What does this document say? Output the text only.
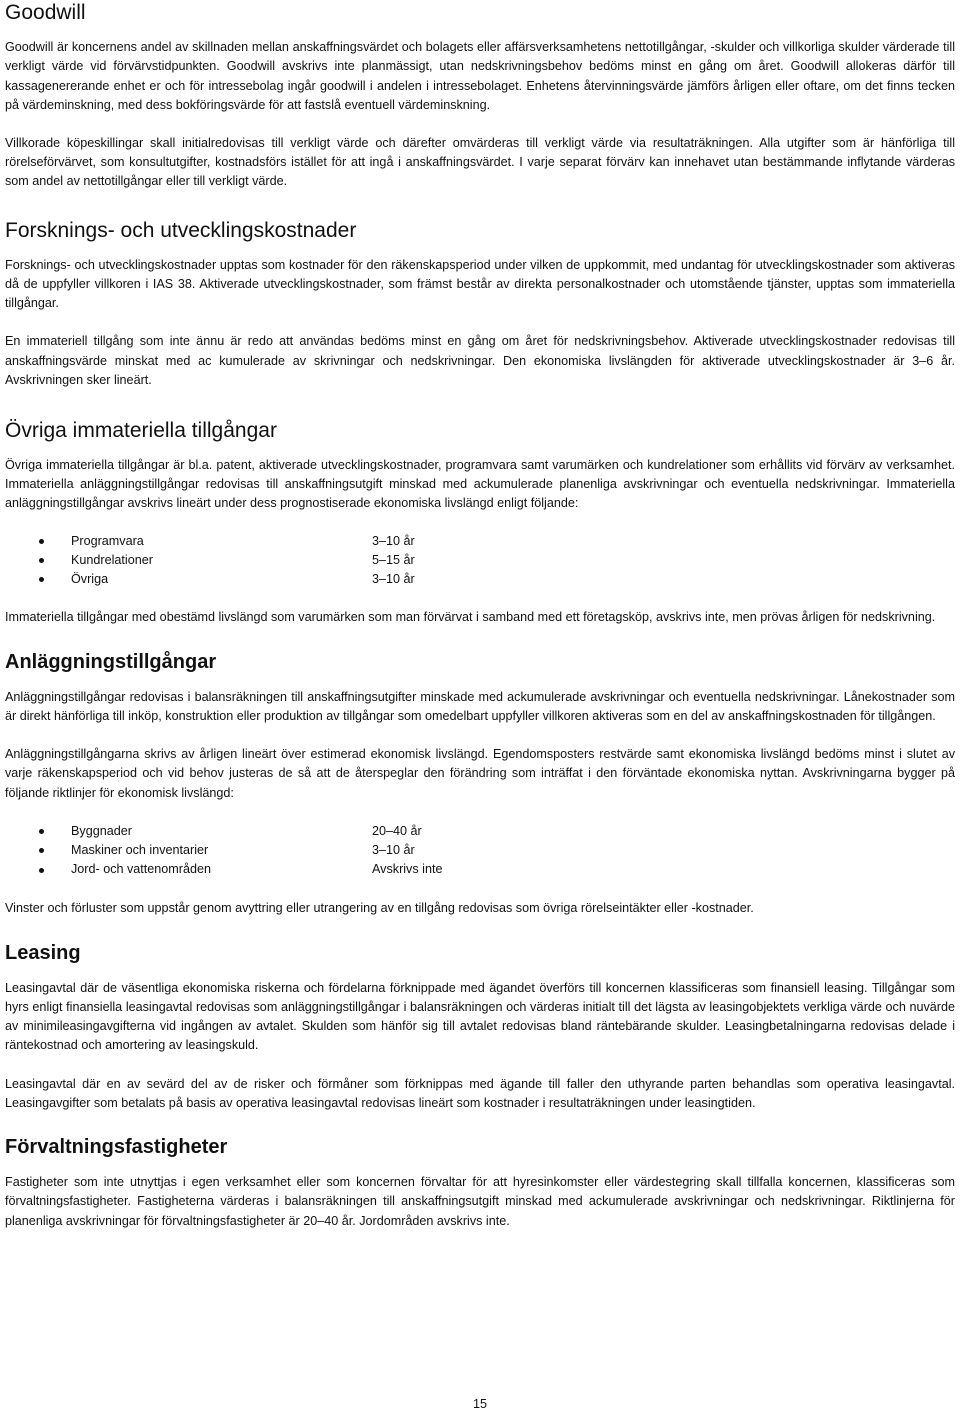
Goodwill

Goodwill är koncernens andel av skillnaden mellan anskaffningsvärdet och bolagets eller affärsverksamhetens nettotillgångar, -skulder och villkorliga skulder värderade till verkligt värde vid förvärvstidpunkten. Goodwill avskrivs inte planmässigt, utan nedskrivningsbehov bedöms minst en gång om året. Goodwill allokeras därför till kassagenererande enhet er och för intressebolag ingår goodwill i andelen i intressebolaget. Enhetens återvinningsvärde jämförs årligen eller oftare, om det finns tecken på värdeminskning, med dess bokföringsvärde för att fastslå eventuell värdeminskning.

Villkorade köpeskillingar skall initialredovisas till verkligt värde och därefter omvärderas till verkligt värde via resultaträkningen. Alla utgifter som är hänförliga till rörelseförvärvet, som konsultutgifter, kostnadsförs istället för att ingå i anskaffningsvärdet. I varje separat förvärv kan innehavet utan bestämmande inflytande värderas som andel av nettotillgångar eller till verkligt värde.

Forsknings- och utvecklingskostnader

Forsknings- och utvecklingskostnader upptas som kostnader för den räkenskapsperiod under vilken de uppkommit, med undantag för utvecklingskostnader som aktiveras då de uppfyller villkoren i IAS 38. Aktiverade utvecklingskostnader, som främst består av direkta personalkostnader och utomstående tjänster, upptas som immateriella tillgångar.

En immateriell tillgång som inte ännu är redo att användas bedöms minst en gång om året för nedskrivningsbehov. Aktiverade utvecklingskostnader redovisas till anskaffningsvärde minskat med ac kumulerade av skrivningar och nedskrivningar. Den ekonomiska livslängden för aktiverade utvecklingskostnader är 3–6 år. Avskrivningen sker lineärt.

Övriga immateriella tillgångar

Övriga immateriella tillgångar är bl.a. patent, aktiverade utvecklingskostnader, programvara samt varumärken och kundrelationer som erhållits vid förvärv av verksamhet. Immateriella anläggningstillgångar redovisas till anskaffningsutgift minskad med ackumulerade planenliga avskrivningar och eventuella nedskrivningar. Immateriella anläggningstillgångar avskrivs lineärt under dess prognostiserade ekonomiska livslängd enligt följande:

Programvara	3–10 år
Kundrelationer	5–15 år
Övriga	3–10 år

Immateriella tillgångar med obestämd livslängd som varumärken som man förvärvat i samband med ett företagsköp, avskrivs inte, men prövas årligen för nedskrivning.

Anläggningstillgångar

Anläggningstillgångar redovisas i balansräkningen till anskaffningsutgifter minskade med ackumulerade avskrivningar och eventuella nedskrivningar. Lånekostnader som är direkt hänförliga till inköp, konstruktion eller produktion av tillgångar som omedelbart uppfyller villkoren aktiveras som en del av anskaffningskostnaden för tillgången.

Anläggningstillgångarna skrivs av årligen lineärt över estimerad ekonomisk livslängd. Egendomsposters restvärde samt ekonomiska livslängd bedöms minst i slutet av varje räkenskapsperiod och vid behov justeras de så att de återspeglar den förändring som inträffat i den förväntade ekonomiska nyttan. Avskrivningarna bygger på följande riktlinjer för ekonomisk livslängd:

Byggnader	20–40 år
Maskiner och inventarier	3–10 år
Jord- och vattenområden	Avskrivs inte

Vinster och förluster som uppstår genom avyttring eller utrangering av en tillgång redovisas som övriga rörelseintäkter eller -kostnader.

Leasing

Leasingavtal där de väsentliga ekonomiska riskerna och fördelarna förknippade med ägandet överförs till koncernen klassificeras som finansiell leasing. Tillgångar som hyrs enligt finansiella leasingavtal redovisas som anläggningstillgångar i balansräkningen och värderas initialt till det lägsta av leasingobjektets verkliga värde och nuvärde av minimileasingavgifterna vid ingången av avtalet. Skulden som hänför sig till avtalet redovisas bland räntebärande skulder. Leasingbetalningarna redovisas delade i räntekostnad och amortering av leasingskuld.

Leasingavtal där en av sevärd del av de risker och förmåner som förknippas med ägande till faller den uthyrande parten behandlas som operativa leasingavtal. Leasingavgifter som betalats på basis av operativa leasingavtal redovisas lineärt som kostnader i resultaträkningen under leasingtiden.

Förvaltningsfastigheter

Fastigheter som inte utnyttjas i egen verksamhet eller som koncernen förvaltar för att hyresinkomster eller värdestegring skall tillfalla koncernen, klassificeras som förvaltningsfastigheter. Fastigheterna värderas i balansräkningen till anskaffningsutgift minskad med ackumulerade avskrivningar och nedskrivningar. Riktlinjerna för planenliga avskrivningar för förvaltningsfastigheter är 20–40 år. Jordområden avskrivs inte.

15
